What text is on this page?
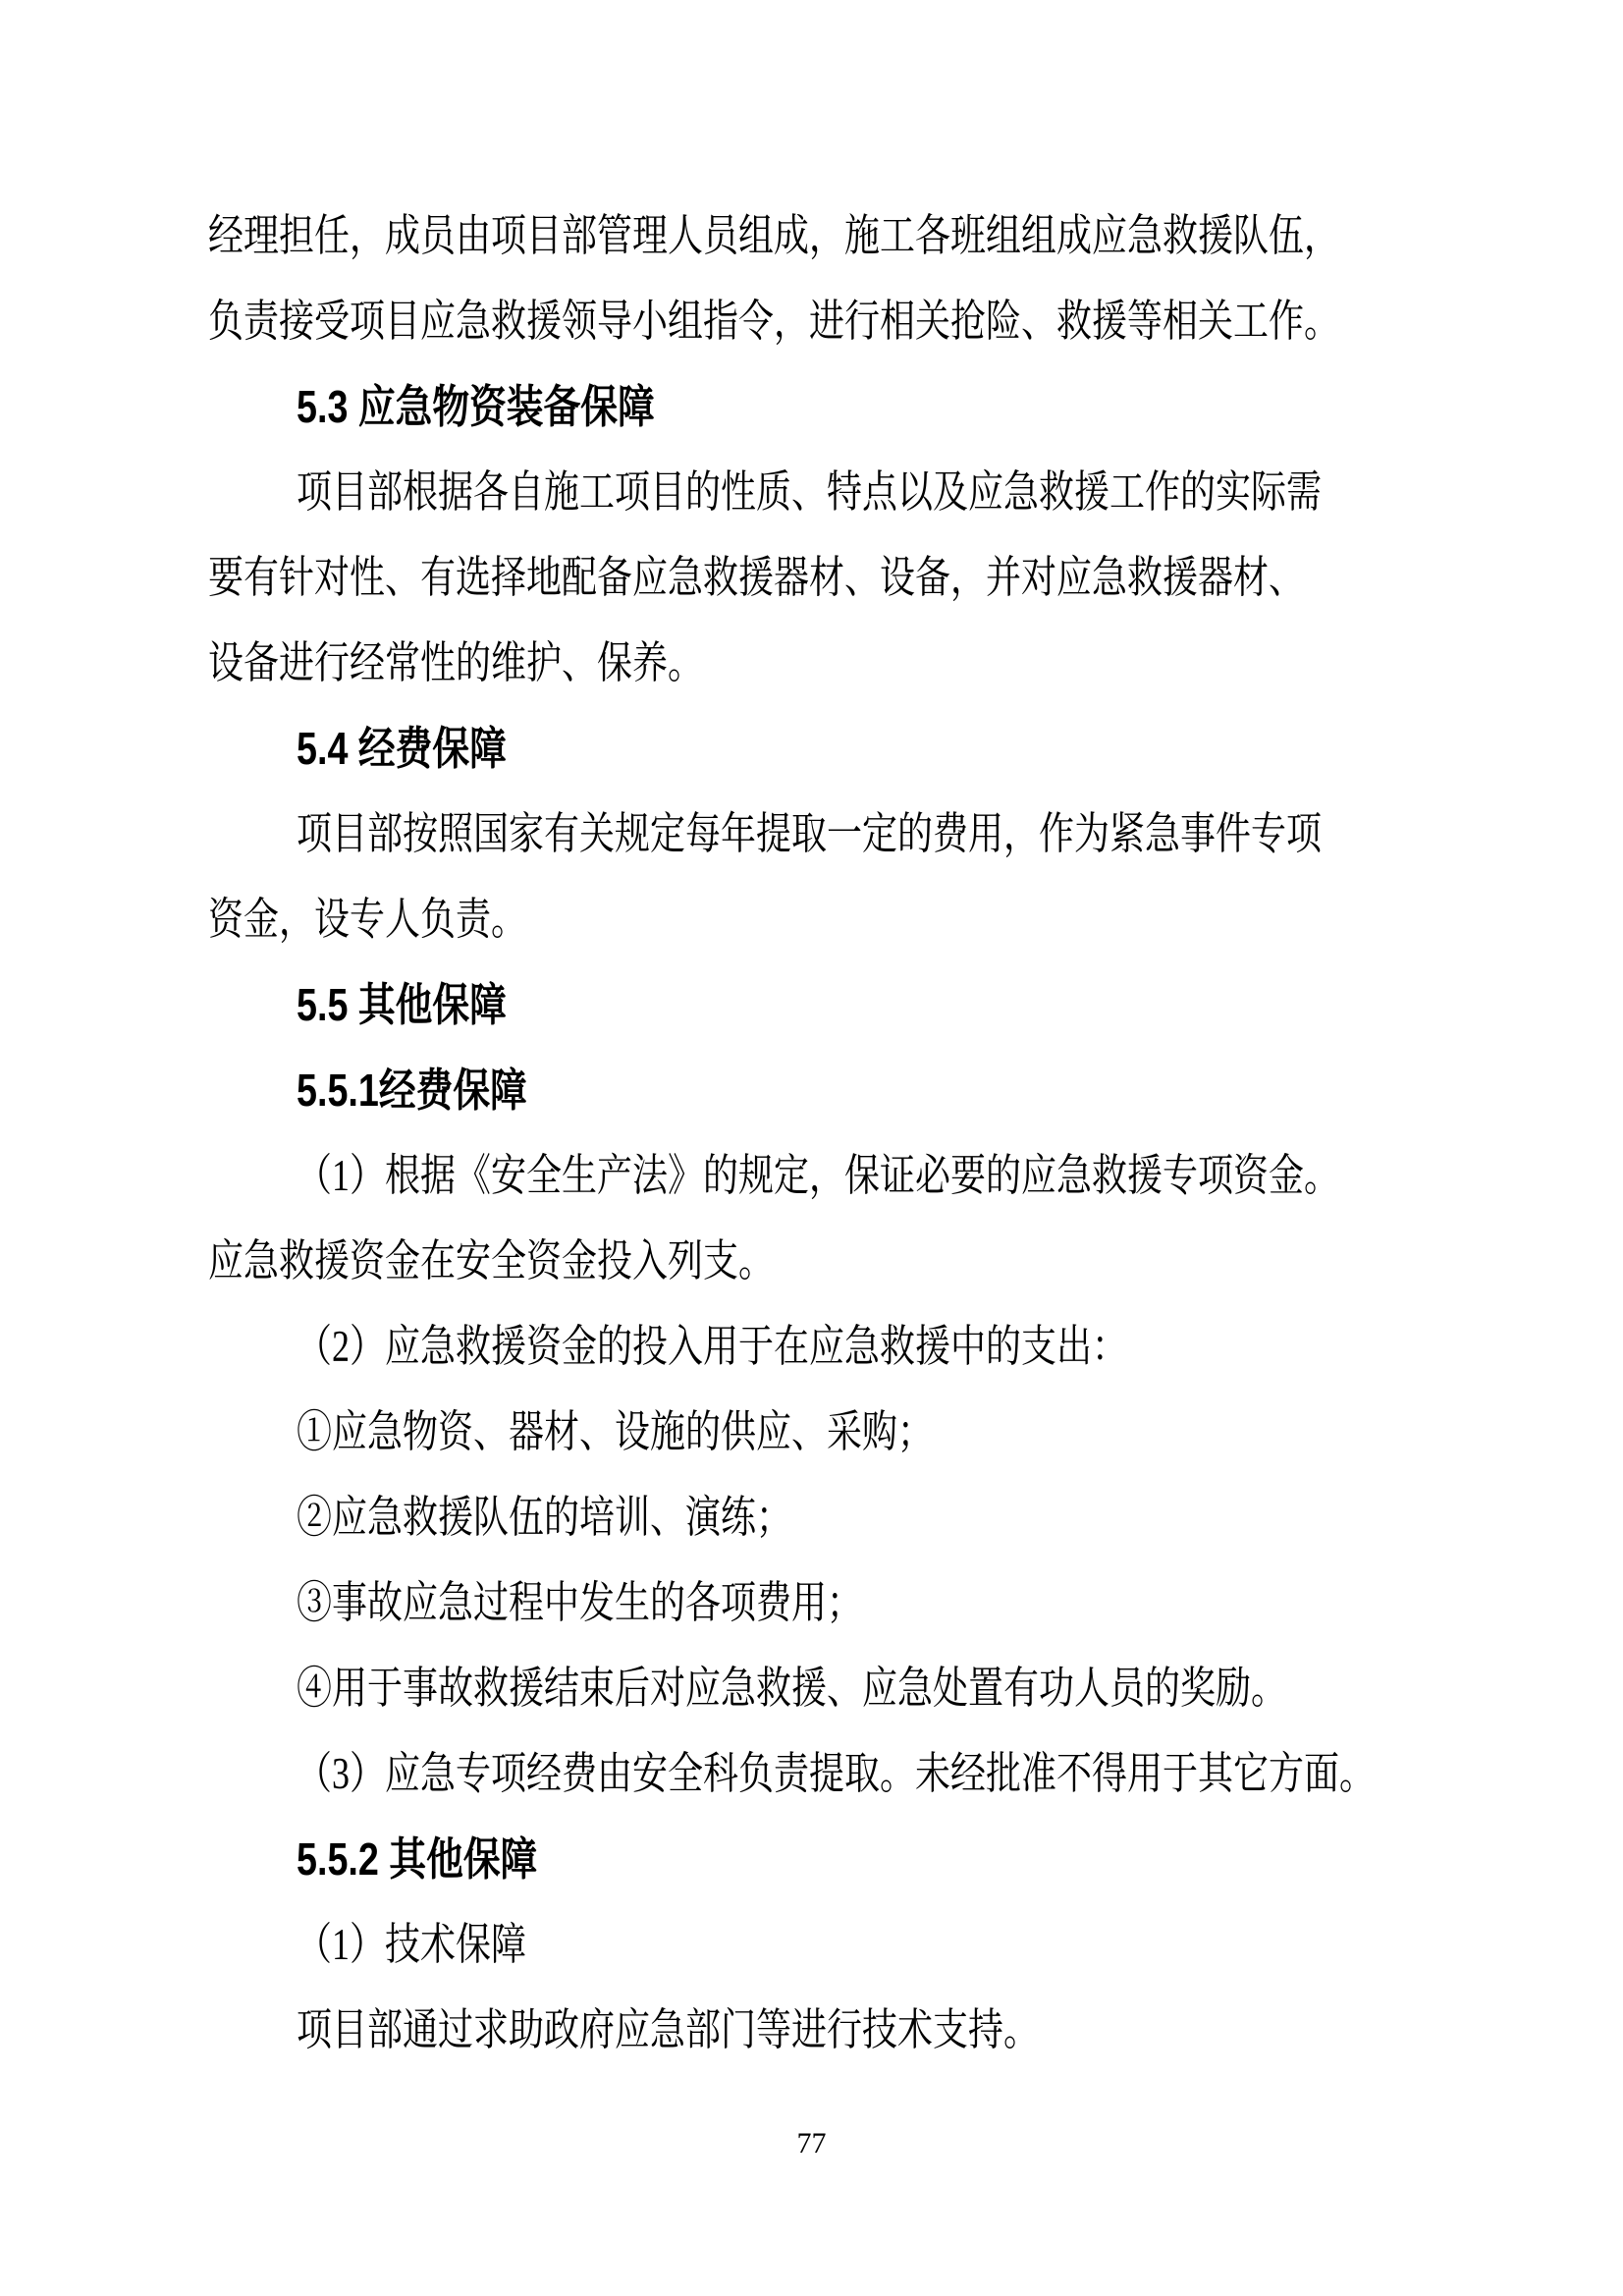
经理担任，成员由项目部管理人员组成，施工各班组组成应急救援队伍，
负责接受项目应急救援领导小组指令，进行相关抢险、救援等相关工作。
5.3 应急物资装备保障
项目部根据各自施工项目的性质、特点以及应急救援工作的实际需
要有针对性、有选择地配备应急救援器材、设备，并对应急救援器材、
设备进行经常性的维护、保养。
5.4 经费保障
项目部按照国家有关规定每年提取一定的费用，作为紧急事件专项
资金，设专人负责。
5.5 其他保障
5.5.1经费保障
（1）根据《安全生产法》的规定，保证必要的应急救援专项资金。
应急救援资金在安全资金投入列支。
（2）应急救援资金的投入用于在应急救援中的支出：
①应急物资、器材、设施的供应、采购；
②应急救援队伍的培训、演练；
③事故应急过程中发生的各项费用；
④用于事故救援结束后对应急救援、应急处置有功人员的奖励。
（3）应急专项经费由安全科负责提取。未经批准不得用于其它方面。
5.5.2 其他保障
（1）技术保障
项目部通过求助政府应急部门等进行技术支持。
77
